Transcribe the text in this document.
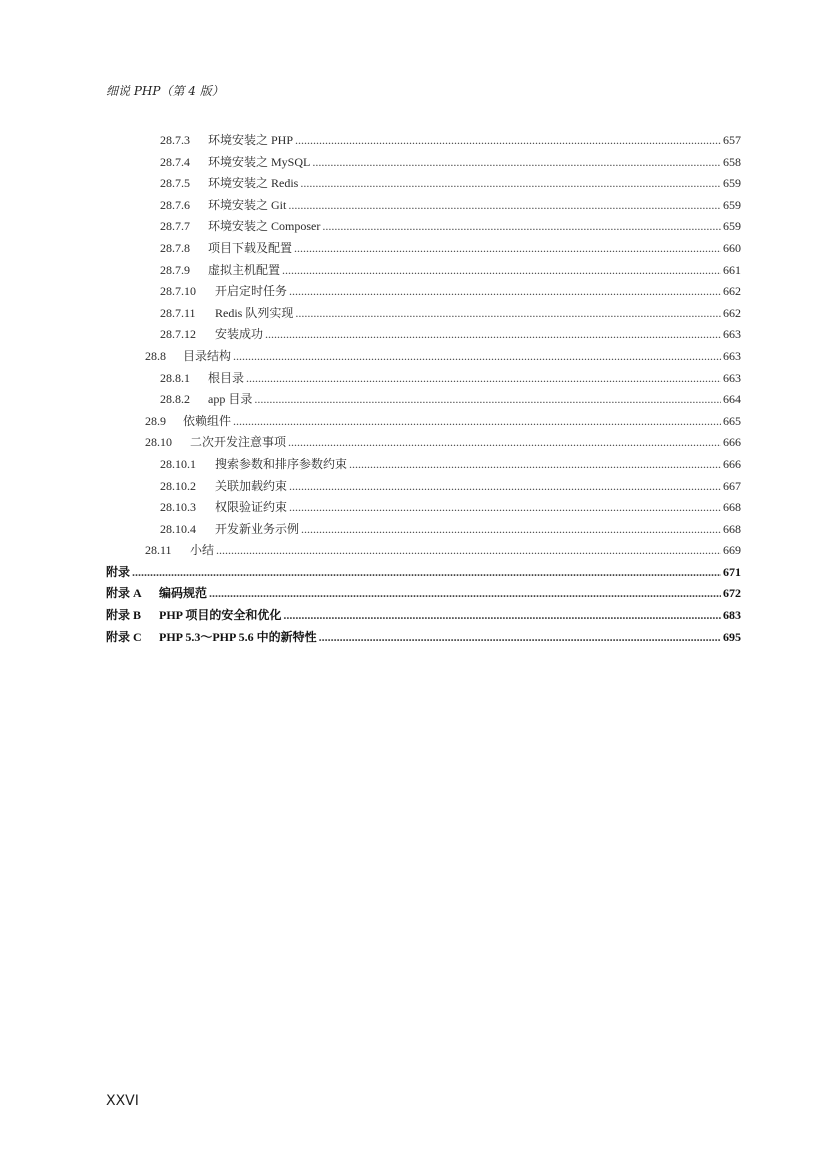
细说 PHP（第 4 版）
28.7.3	环境安装之 PHP .....	657
28.7.4	环境安装之 MySQL .....	658
28.7.5	环境安装之 Redis .....	659
28.7.6	环境安装之 Git .....	659
28.7.7	环境安装之 Composer .....	659
28.7.8	项目下载及配置 .....	660
28.7.9	虚拟主机配置 .....	661
28.7.10	开启定时任务 .....	662
28.7.11	Redis 队列实现 .....	662
28.7.12	安装成功 .....	663
28.8	目录结构 .....	663
28.8.1	根目录 .....	663
28.8.2	app 目录 .....	664
28.9	依赖组件 .....	665
28.10	二次开发注意事项 .....	666
28.10.1	搜索参数和排序参数约束 .....	666
28.10.2	关联加载约束 .....	667
28.10.3	权限验证约束 .....	668
28.10.4	开发新业务示例 .....	668
28.11	小结 .....	669
附录 .....	671
附录 A	编码规范 .....	672
附录 B	PHP 项目的安全和优化 .....	683
附录 C	PHP 5.3～PHP 5.6 中的新特性 .....	695
XXVI
